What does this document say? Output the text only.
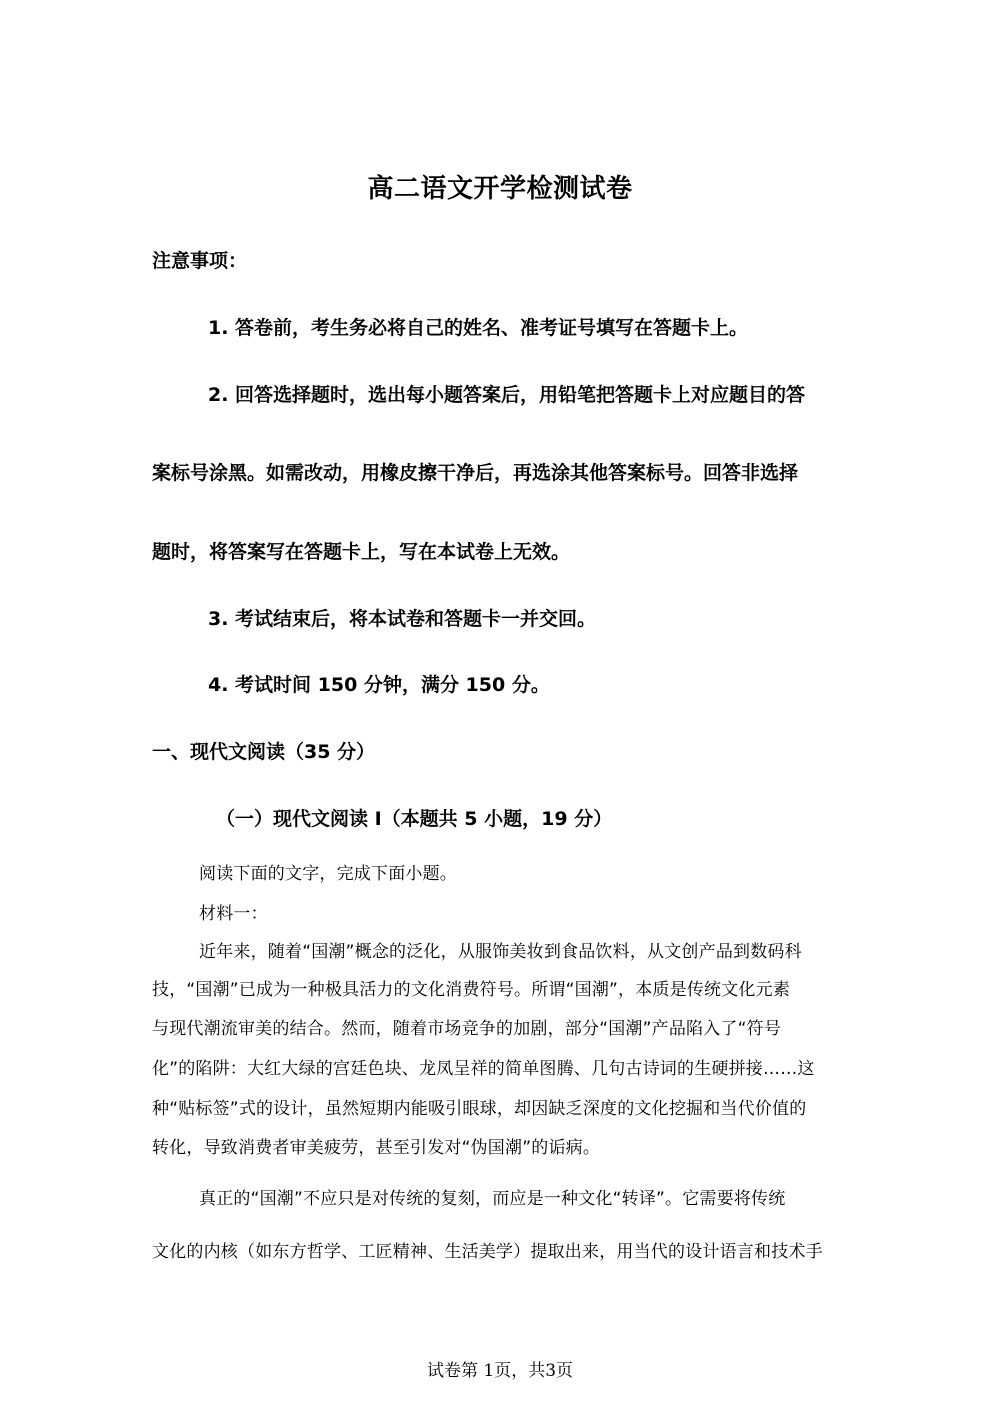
高二语文开学检测试卷
注意事项：
1. 答卷前，考生务必将自己的姓名、准考证号填写在答题卡上。
2. 回答选择题时，选出每小题答案后，用铅笔把答题卡上对应题目的答
案标号涂黑。如需改动，用橡皮擦干净后，再选涂其他答案标号。回答非选择
题时，将答案写在答题卡上，写在本试卷上无效。
3. 考试结束后，将本试卷和答题卡一并交回。
4. 考试时间 150 分钟，满分 150 分。
一、现代文阅读（35 分）
（一）现代文阅读 I（本题共 5 小题，19 分）
阅读下面的文字，完成下面小题。
材料一：
近年来，随着“国潮”概念的泛化，从服饰美妆到食品饮料，从文创产品到数码科
技，“国潮”已成为一种极具活力的文化消费符号。所谓“国潮”，本质是传统文化元素
与现代潮流审美的结合。然而，随着市场竞争的加剧，部分“国潮”产品陷入了“符号
化”的陷阱：大红大绿的宫廷色块、龙凤呈祥的简单图腾、几句古诗词的生硬拼接……这
种“贴标签”式的设计，虽然短期内能吸引眼球，却因缺乏深度的文化挖掘和当代价值的
转化，导致消费者审美疲劳，甚至引发对“伪国潮”的诟病。
真正的“国潮”不应只是对传统的复刻，而应是一种文化“转译”。它需要将传统
文化的内核（如东方哲学、工匠精神、生活美学）提取出来，用当代的设计语言和技术手
试卷第 1页，共3页
